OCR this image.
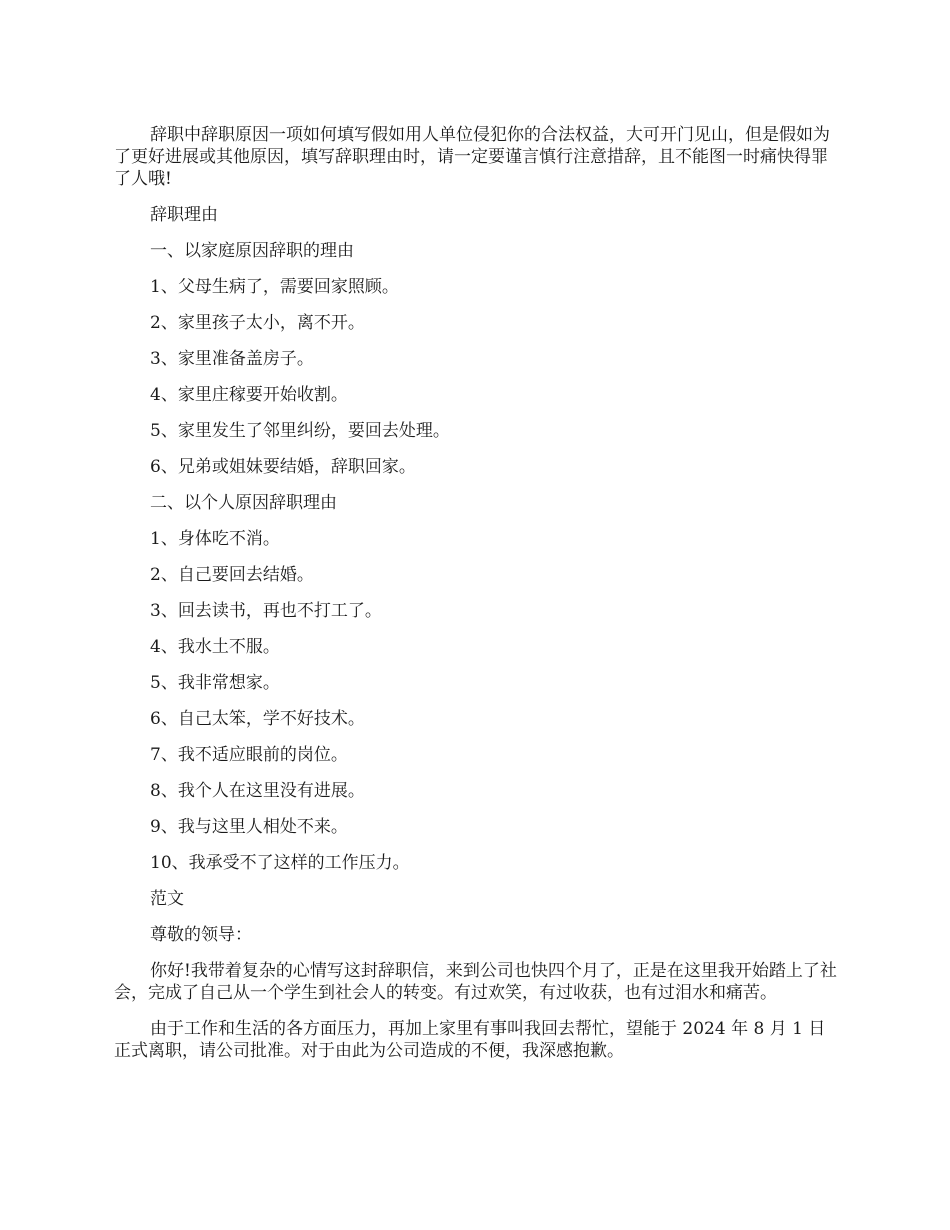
辞职中辞职原因一项如何填写假如用人单位侵犯你的合法权益，大可开门见山，但是假如为了更好进展或其他原因，填写辞职理由时，请一定要谨言慎行注意措辞，且不能图一时痛快得罪了人哦!

辞职理由
一、以家庭原因辞职的理由
1、父母生病了，需要回家照顾。
2、家里孩子太小，离不开。
3、家里准备盖房子。
4、家里庄稼要开始收割。
5、家里发生了邻里纠纷，要回去处理。
6、兄弟或姐妹要结婚，辞职回家。
二、以个人原因辞职理由
1、身体吃不消。
2、自己要回去结婚。
3、回去读书，再也不打工了。
4、我水土不服。
5、我非常想家。
6、自己太笨，学不好技术。
7、我不适应眼前的岗位。
8、我个人在这里没有进展。
9、我与这里人相处不来。
10、我承受不了这样的工作压力。
范文
尊敬的领导：

你好!我带着复杂的心情写这封辞职信，来到公司也快四个月了，正是在这里我开始踏上了社会，完成了自己从一个学生到社会人的转变。有过欢笑，有过收获，也有过泪水和痛苦。

由于工作和生活的各方面压力，再加上家里有事叫我回去帮忙，望能于 2024 年 8 月 1 日正式离职，请公司批准。对于由此为公司造成的不便，我深感抱歉。
